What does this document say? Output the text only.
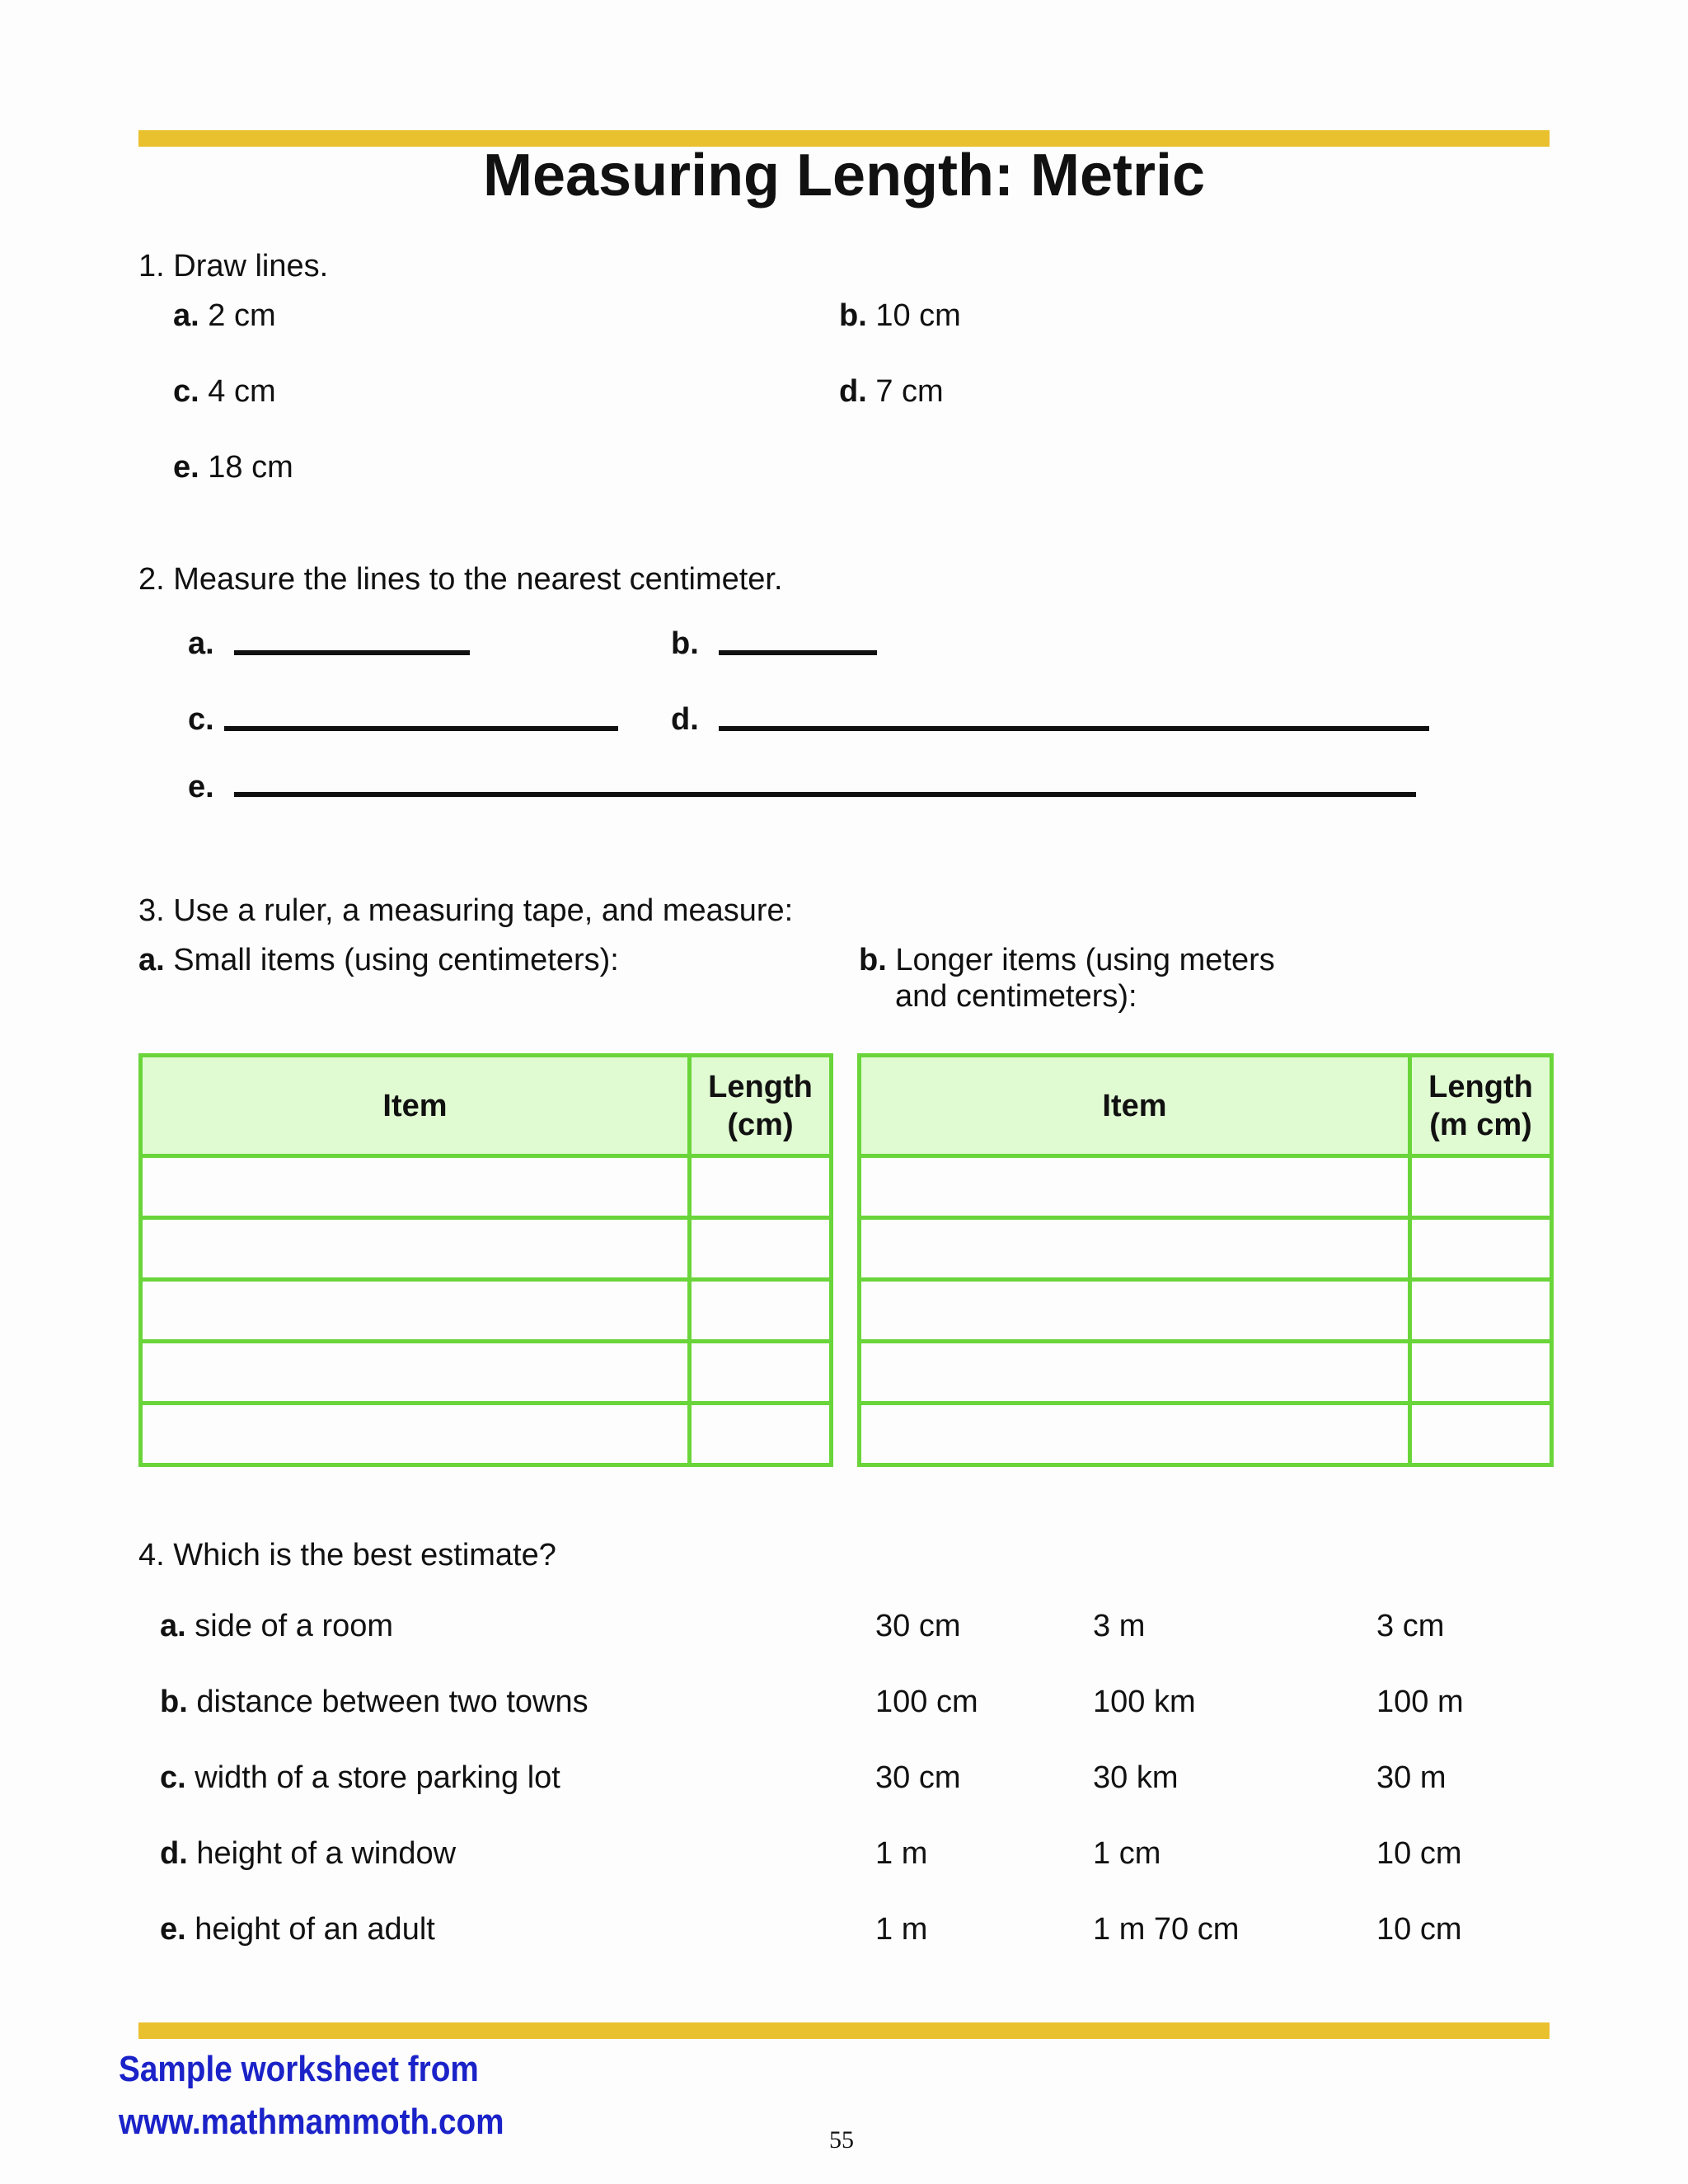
Measuring Length: Metric
1. Draw lines.
a. 2 cm	b. 10 cm
c. 4 cm	d. 7 cm
e. 18 cm
2. Measure the lines to the nearest centimeter.
a.	b.
c.	d.
e.
3. Use a ruler, a measuring tape, and measure:
a. Small items (using centimeters):	b. Longer items (using meters
and centimeters):
Item	Length
(cm)

Item	Length
(m cm)

4. Which is the best estimate?
a. side of a room	30 cm	3 m	3 cm
b. distance between two towns	100 cm	100 km	100 m
c. width of a store parking lot	30 cm	30 km	30 m
d. height of a window	1 m	1 cm	10 cm
e. height of an adult	1 m	1 m 70 cm	10 cm
Sample worksheet from
www.mathmammoth.com	55
